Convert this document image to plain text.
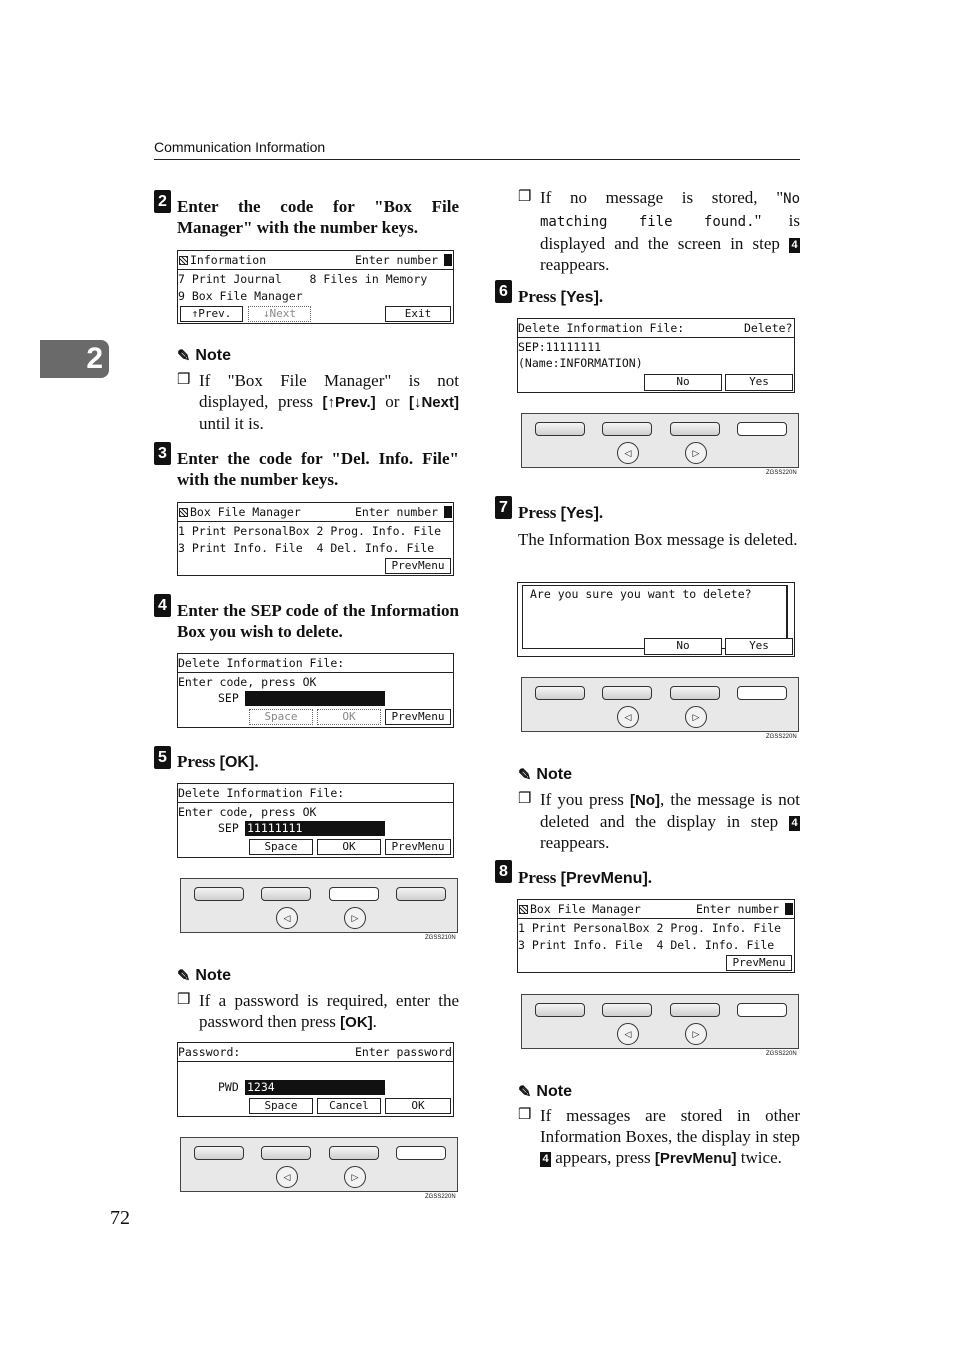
Communication Information
2
72
2 Enter the code for "Box File Manager" with the number keys.
Information	Enter number
7 Print Journal    8 Files in Memory
9 Box File Manager
↑Prev.	↓Next	Exit
✎ Note
❒ If "Box File Manager" is not displayed, press [↑Prev.] or [↓Next] until it is.
3 Enter the code for "Del. Info. File" with the number keys.
Box File Manager	Enter number
1 Print PersonalBox 2 Prog. Info. File
3 Print Info. File  4 Del. Info. File
PrevMenu
4 Enter the SEP code of the Information Box you wish to delete.
Delete Information File:
Enter code, press OK
SEP
Space	OK	PrevMenu
5 Press [OK].
Delete Information File:
Enter code, press OK
SEP 11111111
Space	OK	PrevMenu
◁	▷
ZGSS210N
✎ Note
❒ If a password is required, enter the password then press [OK].
Password:	Enter password
PWD 1234
Space	Cancel	OK
◁	▷
ZGSS220N
❒ If no message is stored, "No matching file found." is displayed and the screen in step 4 reappears.
6 Press [Yes].
Delete Information File:	Delete?
SEP:11111111
(Name:INFORMATION)
No	Yes
◁	▷
ZGSS220N
7 Press [Yes].
The Information Box message is deleted.
Are you sure you want to delete?
No	Yes
◁	▷
ZGSS220N
✎ Note
❒ If you press [No], the message is not deleted and the display in step 4 reappears.
8 Press [PrevMenu].
Box File Manager	Enter number
1 Print PersonalBox 2 Prog. Info. File
3 Print Info. File  4 Del. Info. File
PrevMenu
◁	▷
ZGSS220N
✎ Note
❒ If messages are stored in other Information Boxes, the display in step 4 appears, press [PrevMenu] twice.
